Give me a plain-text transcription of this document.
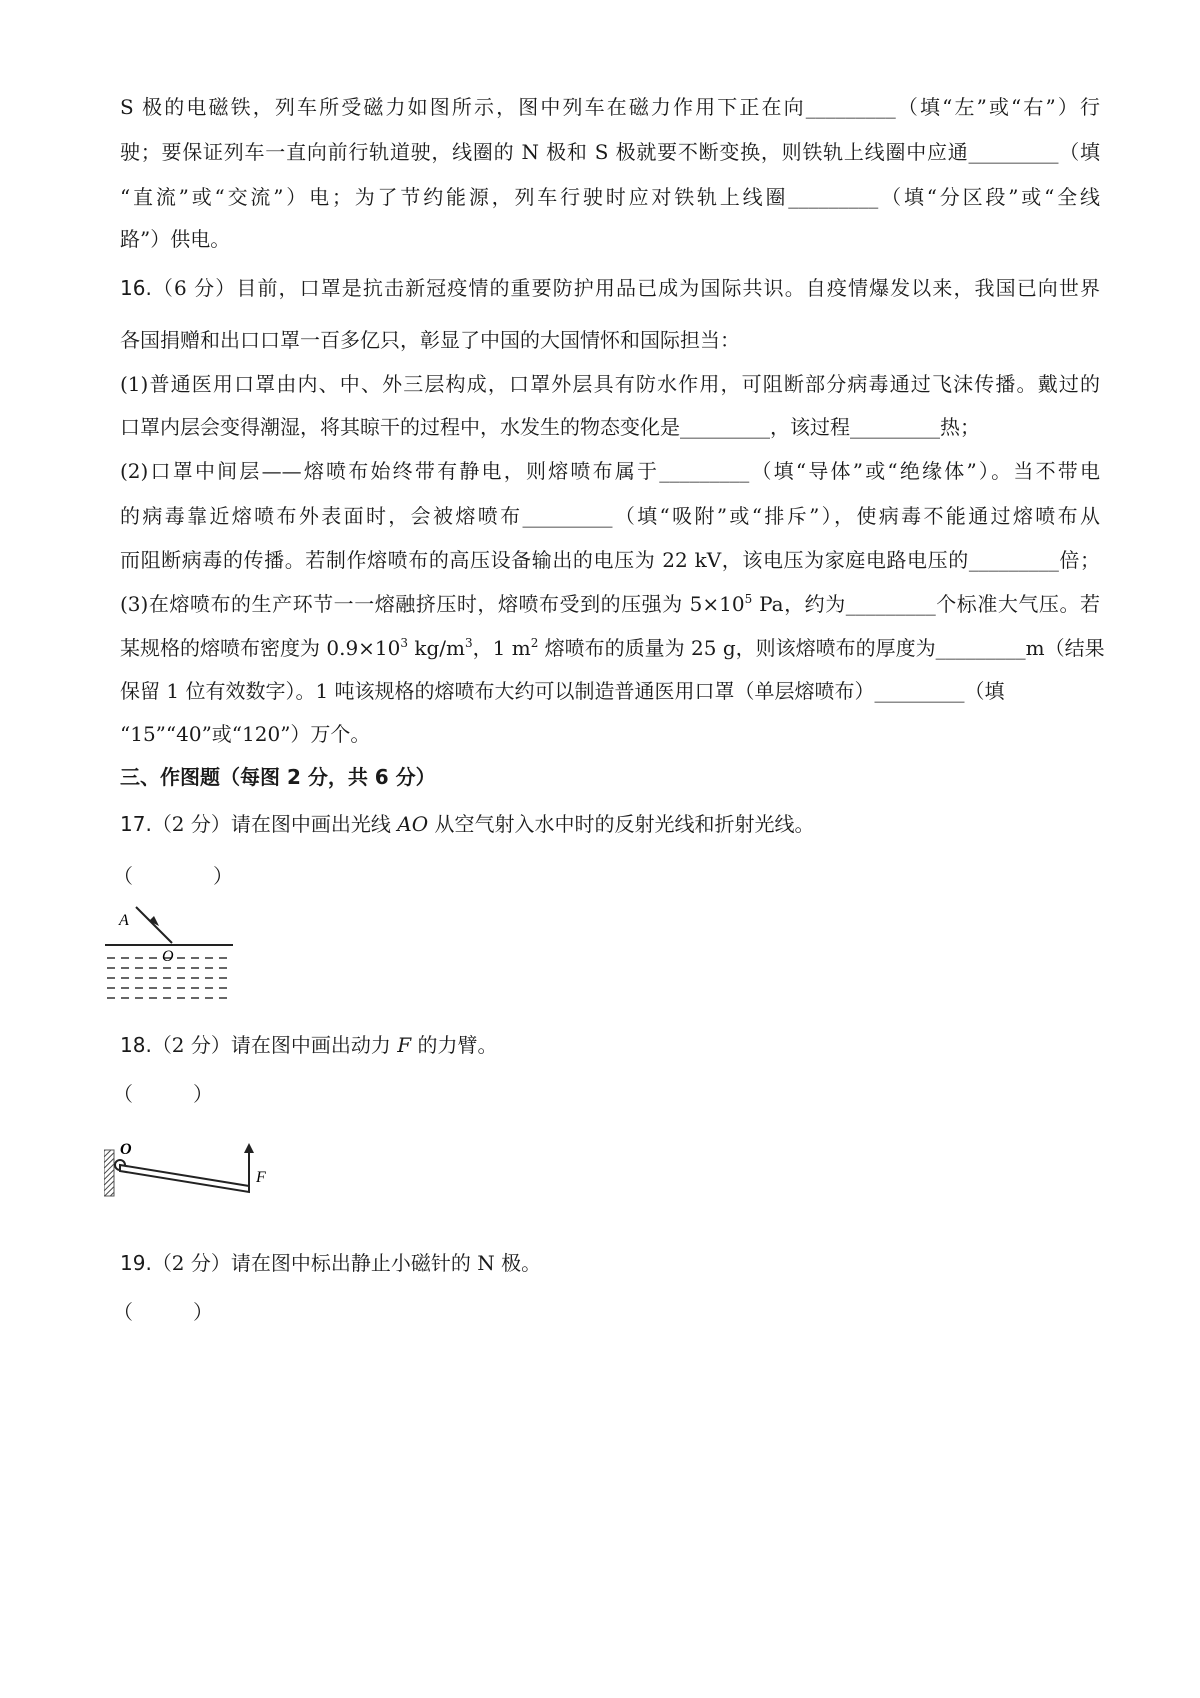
S 极的电磁铁，列车所受磁力如图所示，图中列车在磁力作用下正在向_________（填“左”或“右”）行
驶；要保证列车一直向前行轨道驶，线圈的 N 极和 S 极就要不断变换，则铁轨上线圈中应通_________（填
“直流”或“交流”）电；为了节约能源，列车行驶时应对铁轨上线圈_________（填“分区段”或“全线
路”）供电。
16.（6 分）目前，口罩是抗击新冠疫情的重要防护用品已成为国际共识。自疫情爆发以来，我国已向世界
各国捐赠和出口口罩一百多亿只，彰显了中国的大国情怀和国际担当：
(1)普通医用口罩由内、中、外三层构成，口罩外层具有防水作用，可阻断部分病毒通过飞沫传播。戴过的
口罩内层会变得潮湿，将其晾干的过程中，水发生的物态变化是_________，该过程_________热；
(2)口罩中间层——熔喷布始终带有静电，则熔喷布属于_________（填“导体”或“绝缘体”）。当不带电
的病毒靠近熔喷布外表面时，会被熔喷布_________（填“吸附”或“排斥”），使病毒不能通过熔喷布从
而阻断病毒的传播。若制作熔喷布的高压设备输出的电压为 22 kV，该电压为家庭电路电压的_________倍；
(3)在熔喷布的生产环节一一熔融挤压时，熔喷布受到的压强为 $5\times 10^5$ Pa，约为_________个标准大气压。若
某规格的熔喷布密度为 $0.9\times 10^3$ $kg/m^3$，1 $m^2$ 熔喷布的质量为 25 g，则该熔喷布的厚度为_________m（结果
保留 1 位有效数字）。1 吨该规格的熔喷布大约可以制造普通医用口罩（单层熔喷布）_________（填
“15”“40”或“120”）万个。
三、作图题（每图 2 分，共 6 分）
17.（2 分）请在图中画出光线 AO 从空气射入水中时的反射光线和折射光线。
（　　　　）
A
O
18.（2 分）请在图中画出动力 F 的力臂。
（　　　）
O
F
19.（2 分）请在图中标出静止小磁针的 N 极。
（　　　）
